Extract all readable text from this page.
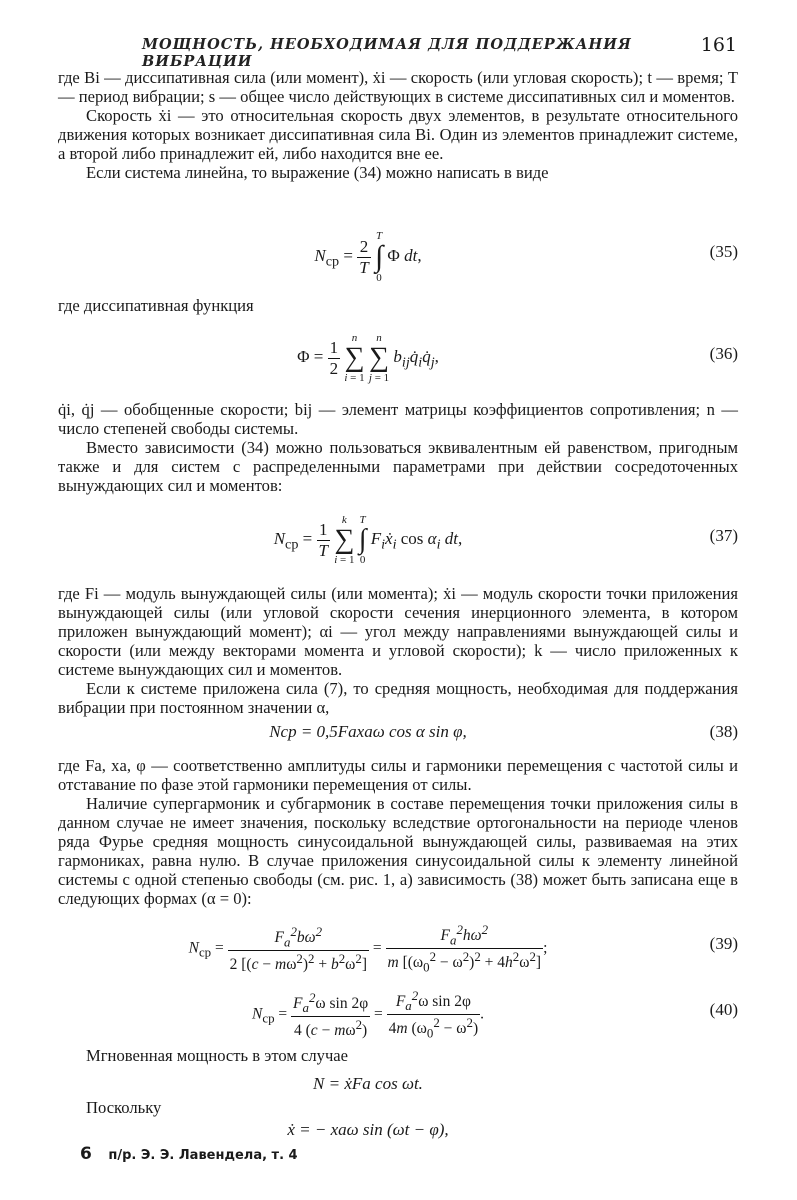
МОЩНОСТЬ, НЕОБХОДИМАЯ ДЛЯ ПОДДЕРЖАНИЯ ВИБРАЦИИ
161

где Bi — диссипативная сила (или момент), ẋi — скорость (или угловая скорость); t — время; T — период вибрации; s — общее число действующих в системе диссипативных сил и моментов.

Скорость ẋi — это относительная скорость двух элементов, в результате относительного движения которых возникает диссипативная сила Bi. Один из элементов принадлежит системе, а второй либо принадлежит ей, либо находится вне ее.

Если система линейна, то выражение (34) можно написать в виде

$N_{ср} = \frac{2}{T}$
T
∫
0 Φ dt,	(35)

где диссипативная функция

$\Phi = \frac{1}{2}$ n
∑
i = 1 n
∑
j = 1 $b_{ij}q̇_iq̇_j$,	(36)

q̇i, q̇j — обобщенные скорости; bij — элемент матрицы коэффициентов сопротивления; n — число степеней свободы системы.

Вместо зависимости (34) можно пользоваться эквивалентным ей равенством, пригодным также и для систем с распределенными параметрами при действии сосредоточенных вынуждающих сил и моментов:

$N_{ср} = \frac{1}{T}$ k
∑
i = 1 T
∫
0 $F_iẋ_i$ $\cos \alpha_i$ dt,	(37)

где Fi — модуль вынуждающей силы (или момента); ẋi — модуль скорости точки приложения вынуждающей силы (или угловой скорости сечения инерционного элемента, в котором приложен вынуждающий момент); αi — угол между направлениями вынуждающей силы и скорости (или между векторами момента и угловой скорости); k — число приложенных к системе вынуждающих сил и моментов.

Если к системе приложена сила (7), то средняя мощность, необходимая для поддержания вибрации при постоянном значении α,

Nср = 0,5Faxaω cos α sin φ,	(38)

где Fa, xa, φ — соответственно амплитуды силы и гармоники перемещения с частотой силы и отставание по фазе этой гармоники перемещения от силы.

Наличие супергармоник и субгармоник в составе перемещения точки приложения силы в данном случае не имеет значения, поскольку вследствие ортогональности на периоде членов ряда Фурье средняя мощность синусоидальной вынуждающей силы, развиваемая на этих гармониках, равна нулю. В случае приложения синусоидальной силы к элементу линейной системы с одной степенью свободы (см. рис. 1, а) зависимость (38) может быть записана еще в следующих формах (α = 0):

$N_{ср} = \frac{F_a^2b\omega^2}{2 [(c - m\omega^2)^2 + b^2\omega^2]} = \frac{F_a^2h\omega^2}{m [(\omega_0^2 - \omega^2)^2 + 4h^2\omega^2]}$ ;	(39)
$N_{ср} = \frac{F_a^2\omega \sin 2\varphi}{4 (c - m\omega^2)} = \frac{F_a^2\omega \sin 2\varphi}{4m (\omega_0^2 - \omega^2)}$ .	(40)

Мгновенная мощность в этом случае

N = ẋFa cos ωt.

Поскольку

ẋ = − xaω sin (ωt − φ),
6 п/р. Э. Э. Лавендела, т. 4
